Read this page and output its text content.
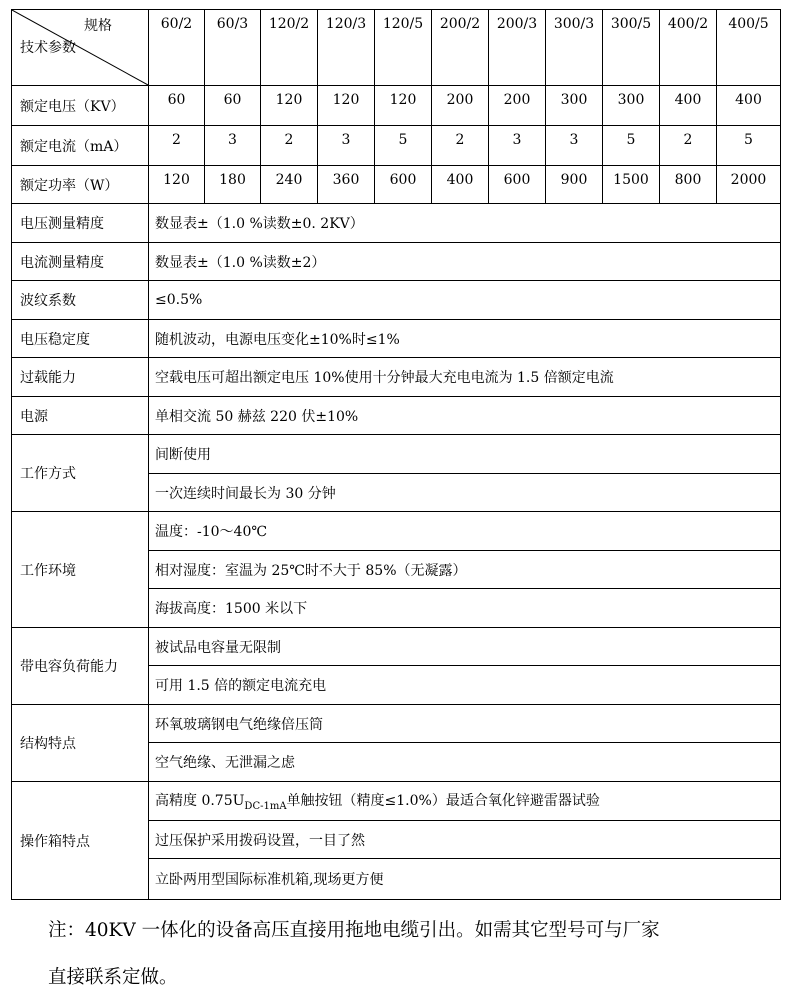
规格
技术参数	60/2	60/3	120/2	120/3	120/5	200/2	200/3	300/3	300/5	400/2	400/5
额定电压（KV）	60	60	120	120	120	200	200	300	300	400	400
额定电流（mA）	2	3	2	3	5	2	3	3	5	2	5
额定功率（W）	120	180	240	360	600	400	600	900	1500	800	2000
电压测量精度	数显表±（1.0 %读数±0. 2KV）										
电流测量精度	数显表±（1.0 %读数±2）										
波纹系数	≤0.5%										
电压稳定度	随机波动，电源电压变化±10%时≤1%										
过载能力	空载电压可超出额定电压 10%使用十分钟最大充电电流为 1.5 倍额定电流										
电源	单相交流 50 赫兹 220 伏±10%										
工作方式	间断使用										
	一次连续时间最长为 30 分钟										
工作环境	温度：-10～40℃										
	相对湿度：室温为 25℃时不大于 85%（无凝露）										
	海拔高度：1500 米以下										
带电容负荷能力	被试品电容量无限制										
	可用 1.5 倍的额定电流充电										
结构特点	环氧玻璃钢电气绝缘倍压筒										
	空气绝缘、无泄漏之虑										
操作箱特点	高精度 $0.75U_{DC-1mA}$单触按钮（精度≤1.0%）最适合氧化锌避雷器试验										
	过压保护采用拨码设置，一目了然										
	立卧两用型国际标准机箱,现场更方便										
注：40KV 一体化的设备高压直接用拖地电缆引出。如需其它型号可与厂家
直接联系定做。
